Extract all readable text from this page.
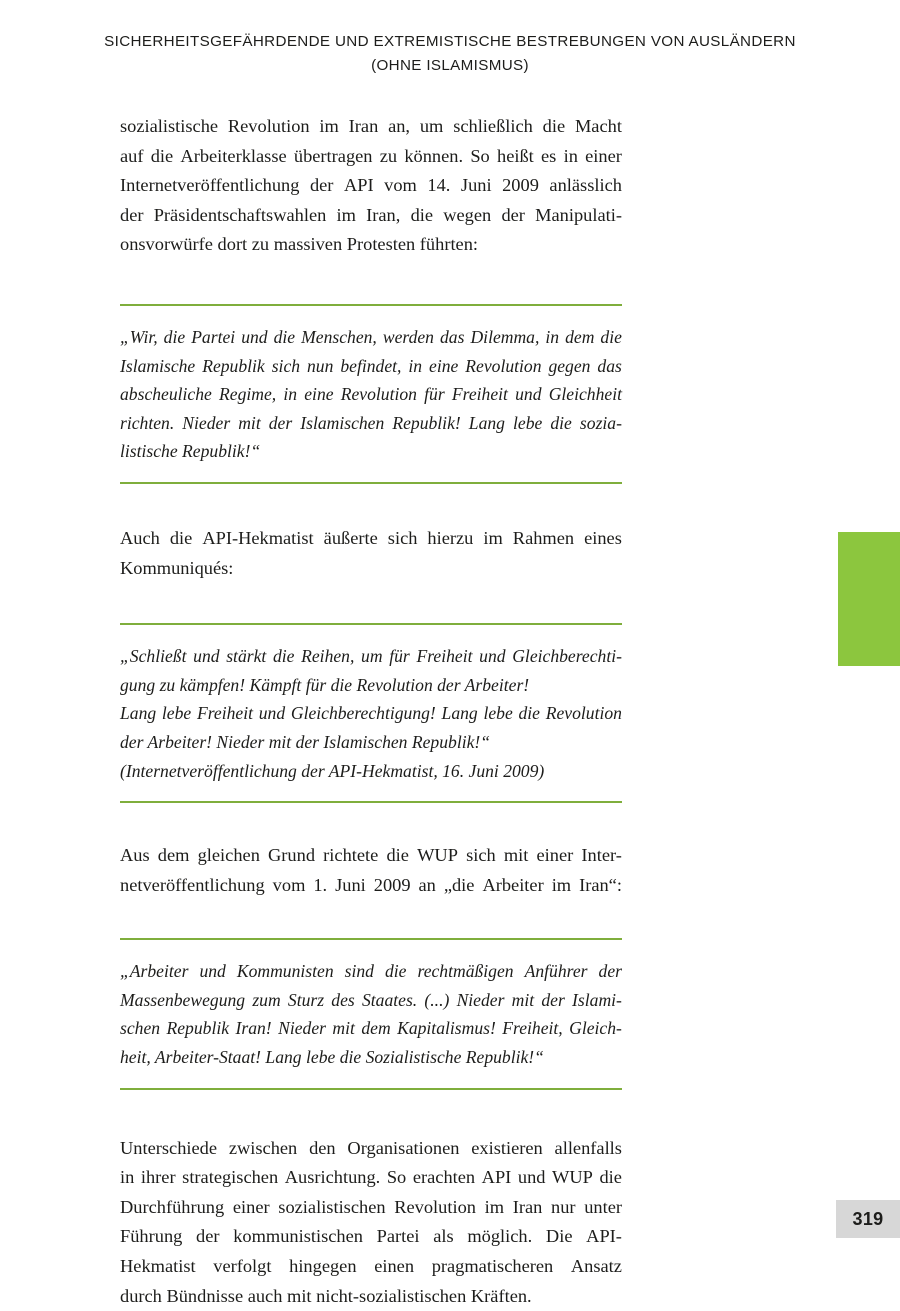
SICHERHEITSGEFÄHRDENDE UND EXTREMISTISCHE BESTREBUNGEN VON AUSLÄNDERN
(OHNE ISLAMISMUS)

sozialistische Revolution im Iran an, um schließlich die Macht
auf die Arbeiterklasse übertragen zu können. So heißt es in einer
Internetveröffentlichung der API vom 14. Juni 2009 anlässlich
der Präsidentschaftswahlen im Iran, die wegen der Manipulati-
onsvorwürfe dort zu massiven Protesten führten:

„Wir, die Partei und die Menschen, werden das Dilemma, in dem die
Islamische Republik sich nun befindet, in eine Revolution gegen das
abscheuliche Regime, in eine Revolution für Freiheit und Gleichheit
richten. Nieder mit der Islamischen Republik! Lang lebe die sozia-
listische Republik!“

Auch die API-Hekmatist äußerte sich hierzu im Rahmen eines
Kommuniqués:

„Schließt und stärkt die Reihen, um für Freiheit und Gleichberechti-
gung zu kämpfen! Kämpft für die Revolution der Arbeiter!
Lang lebe Freiheit und Gleichberechtigung! Lang lebe die Revolution
der Arbeiter! Nieder mit der Islamischen Republik!“
(Internetveröffentlichung der API-Hekmatist, 16. Juni 2009)

Aus dem gleichen Grund richtete die WUP sich mit einer Inter-
netveröffentlichung vom 1. Juni 2009 an „die Arbeiter im Iran“:

„Arbeiter und Kommunisten sind die rechtmäßigen Anführer der
Massenbewegung zum Sturz des Staates. (...) Nieder mit der Islami-
schen Republik Iran! Nieder mit dem Kapitalismus! Freiheit, Gleich-
heit, Arbeiter-Staat! Lang lebe die Sozialistische Republik!“

Unterschiede zwischen den Organisationen existieren allenfalls
in ihrer strategischen Ausrichtung. So erachten API und WUP die
Durchführung einer sozialistischen Revolution im Iran nur unter
Führung der kommunistischen Partei als möglich. Die API-
Hekmatist verfolgt hingegen einen pragmatischeren Ansatz
durch Bündnisse auch mit nicht-sozialistischen Kräften.

319
